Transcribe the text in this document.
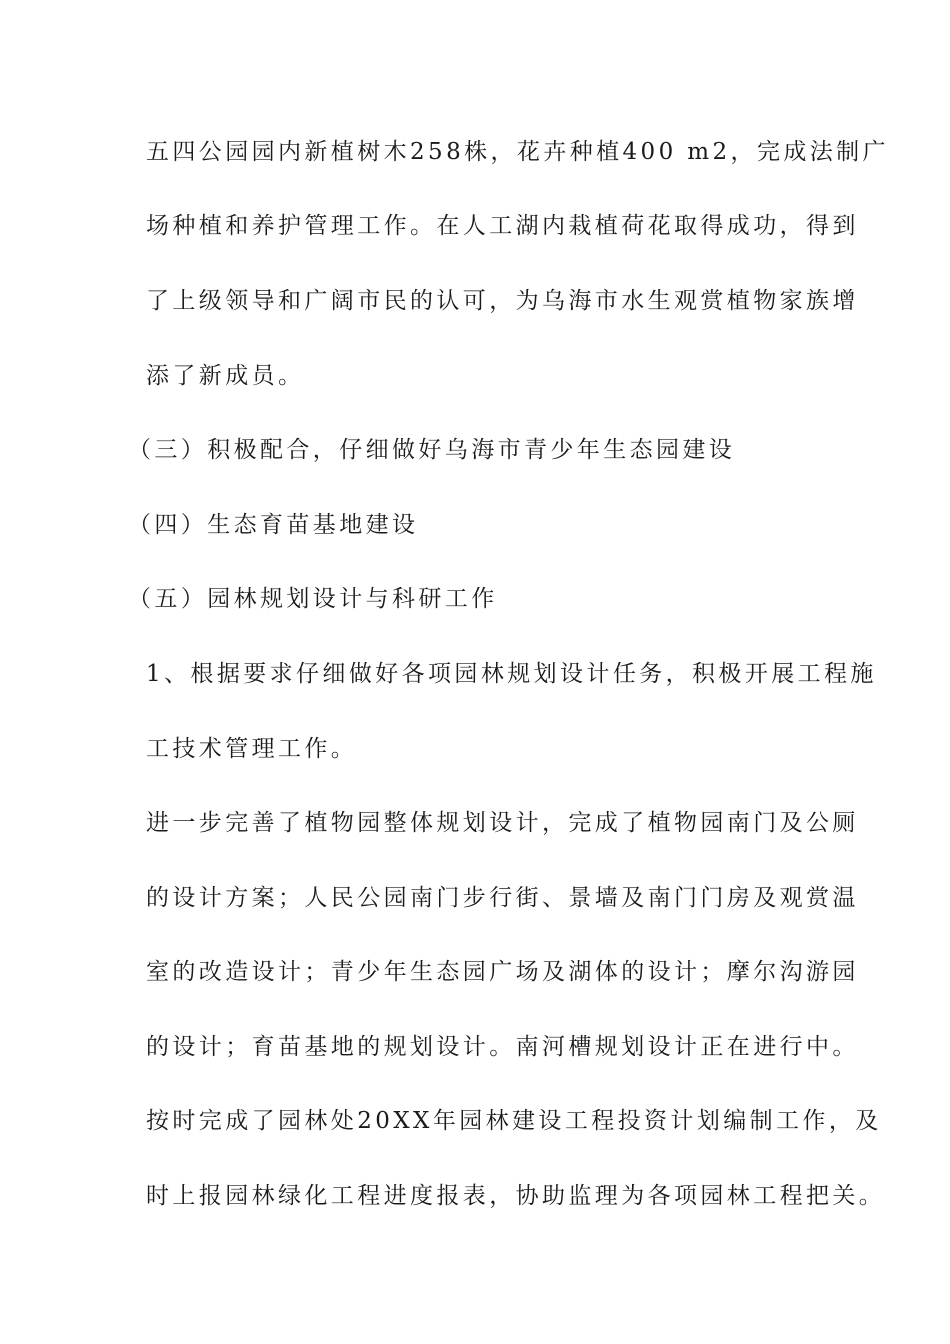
五四公园园内新植树木258株，花卉种植400 m2，完成法制广
场种植和养护管理工作。在人工湖内栽植荷花取得成功，得到
了上级领导和广阔市民的认可，为乌海市水生观赏植物家族增
添了新成员。
（三）积极配合，仔细做好乌海市青少年生态园建设
（四）生态育苗基地建设
（五）园林规划设计与科研工作
1、根据要求仔细做好各项园林规划设计任务，积极开展工程施
工技术管理工作。
进一步完善了植物园整体规划设计，完成了植物园南门及公厕
的设计方案；人民公园南门步行街、景墙及南门门房及观赏温
室的改造设计；青少年生态园广场及湖体的设计；摩尔沟游园
的设计；育苗基地的规划设计。南河槽规划设计正在进行中。
按时完成了园林处20XX年园林建设工程投资计划编制工作，及
时上报园林绿化工程进度报表，协助监理为各项园林工程把关。
